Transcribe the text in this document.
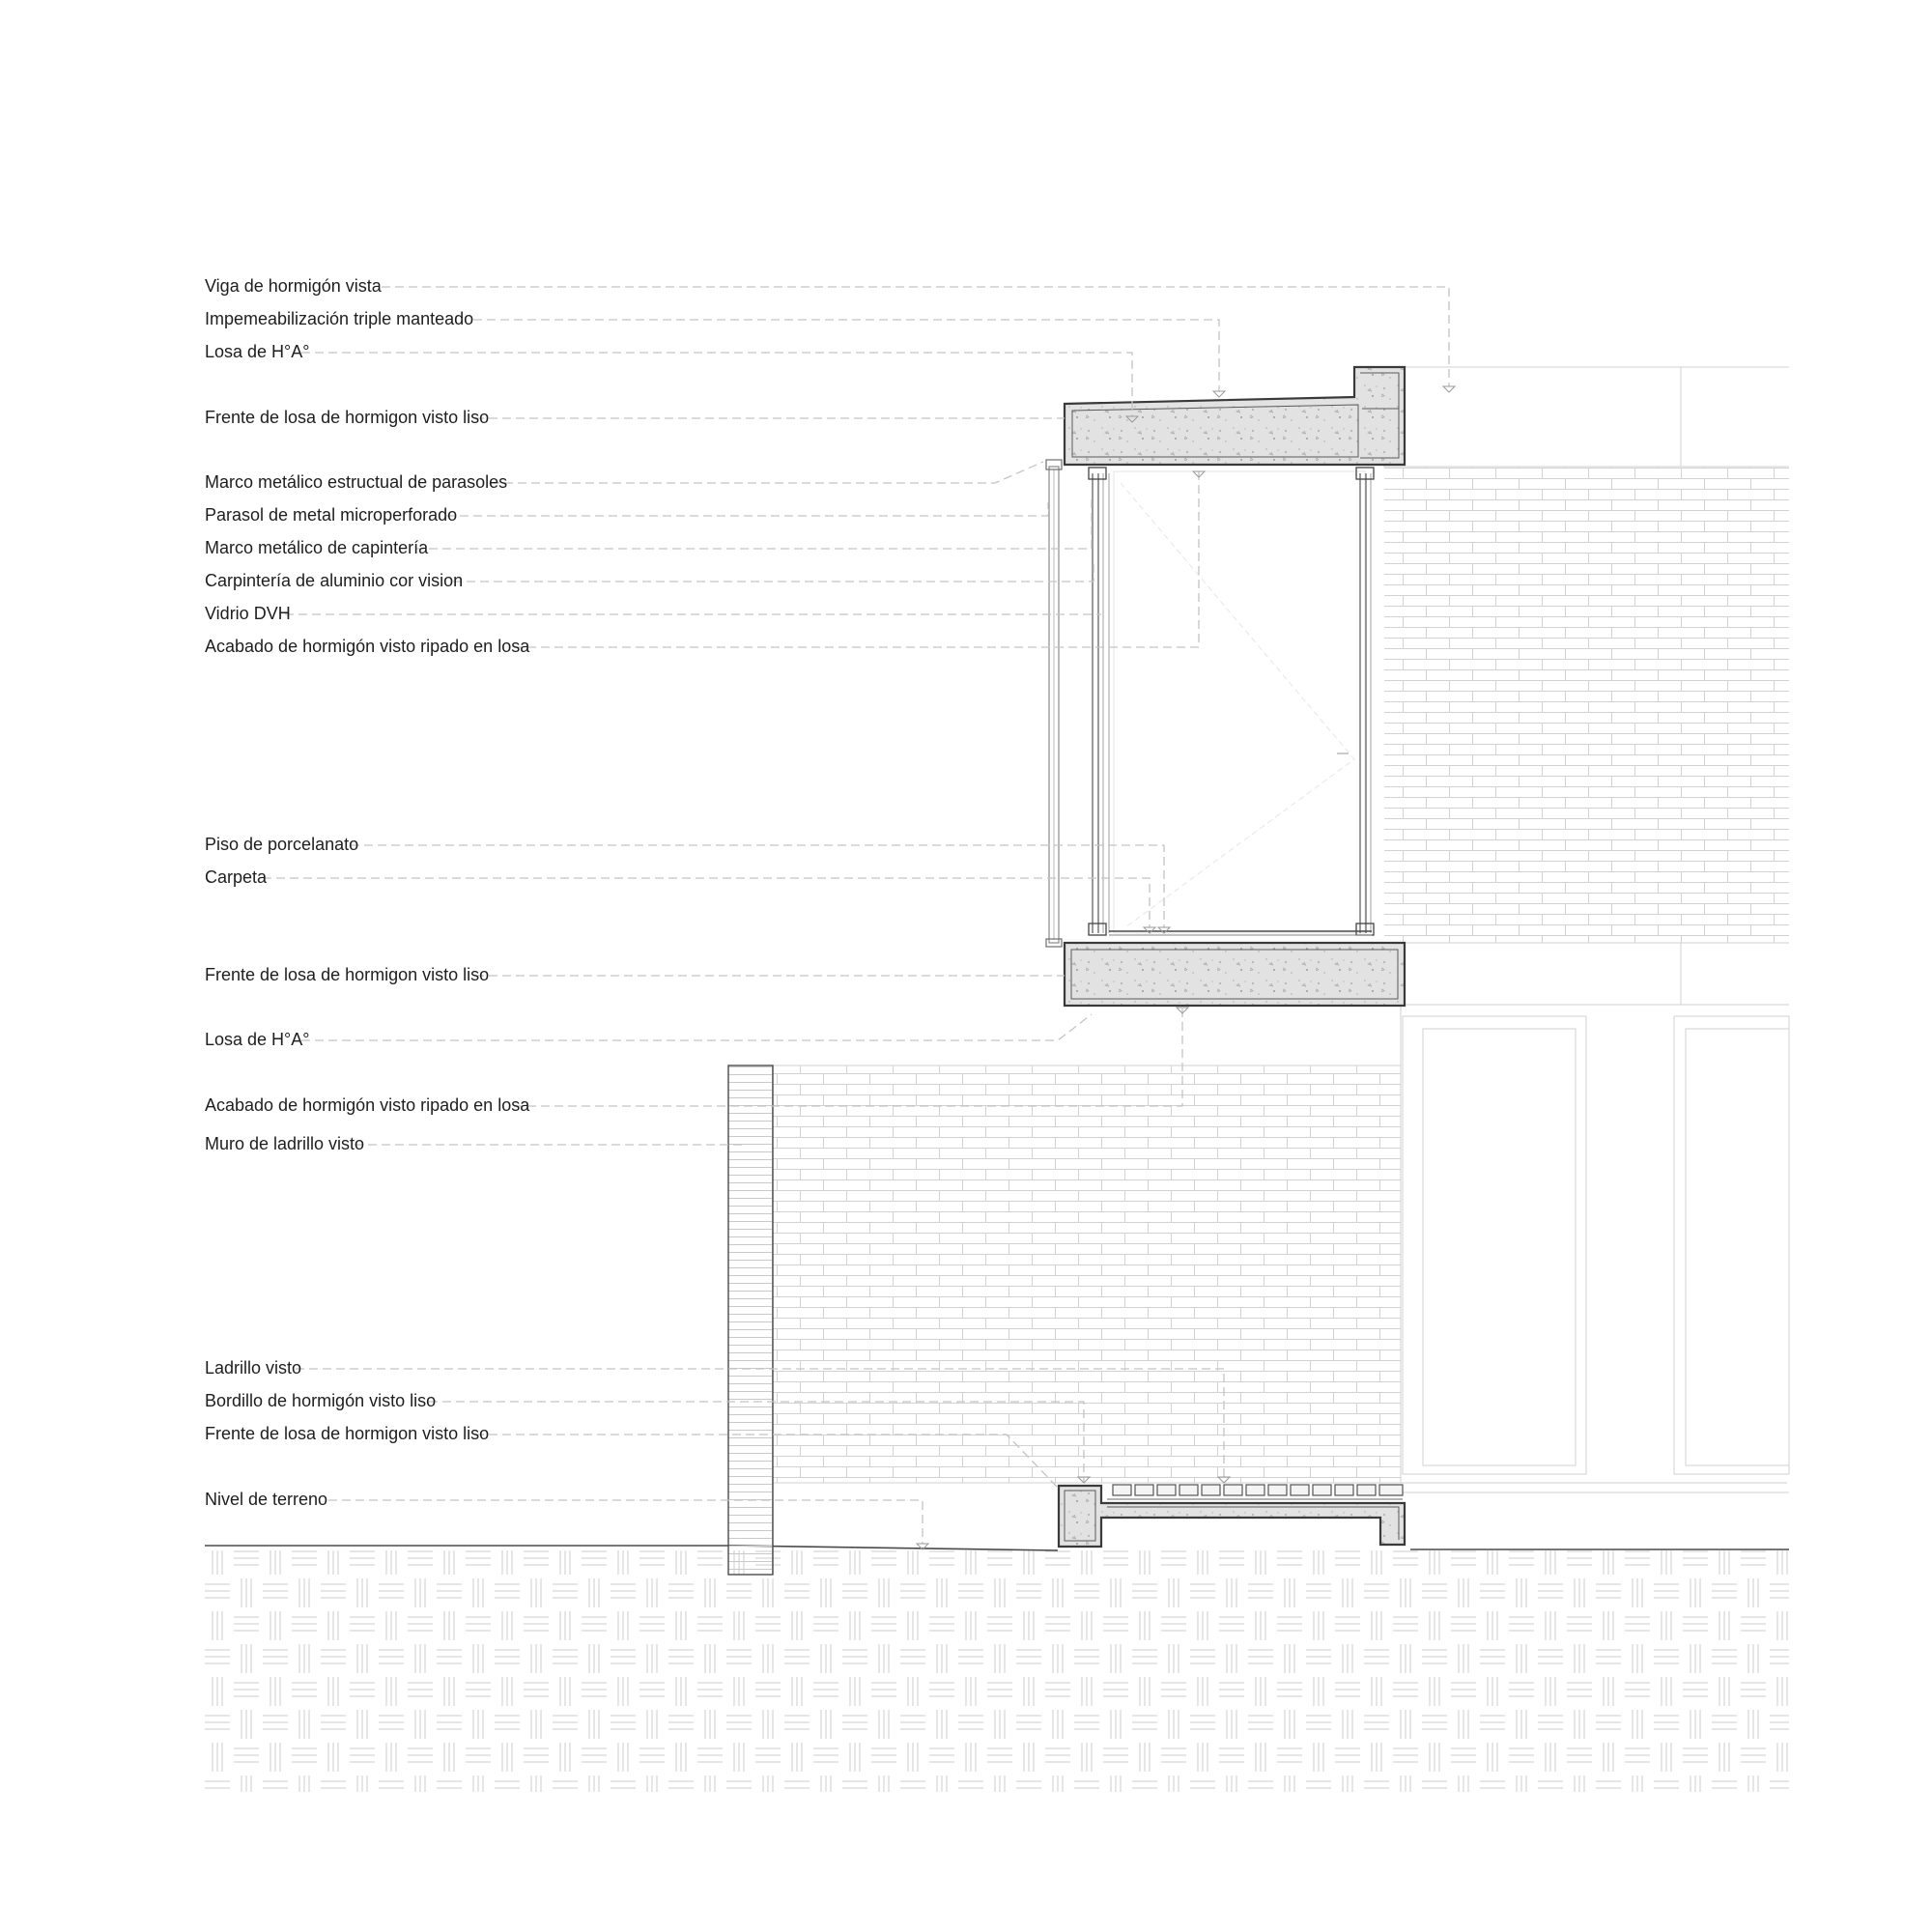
Viga de hormigón vista
Impemeabilización triple manteado
Losa de H°A°
Frente de losa de hormigon visto liso
Marco metálico estructual de parasoles
Parasol de metal microperforado
Marco metálico de capintería
Carpintería de aluminio cor vision
Vidrio DVH
Acabado de hormigón visto ripado en losa
Piso de porcelanato
Carpeta
Frente de losa de hormigon visto liso
Losa de H°A°
Acabado de hormigón visto ripado en losa
Muro de ladrillo visto
Ladrillo visto
Bordillo de hormigón visto liso
Frente de losa de hormigon visto liso
Nivel de terreno
